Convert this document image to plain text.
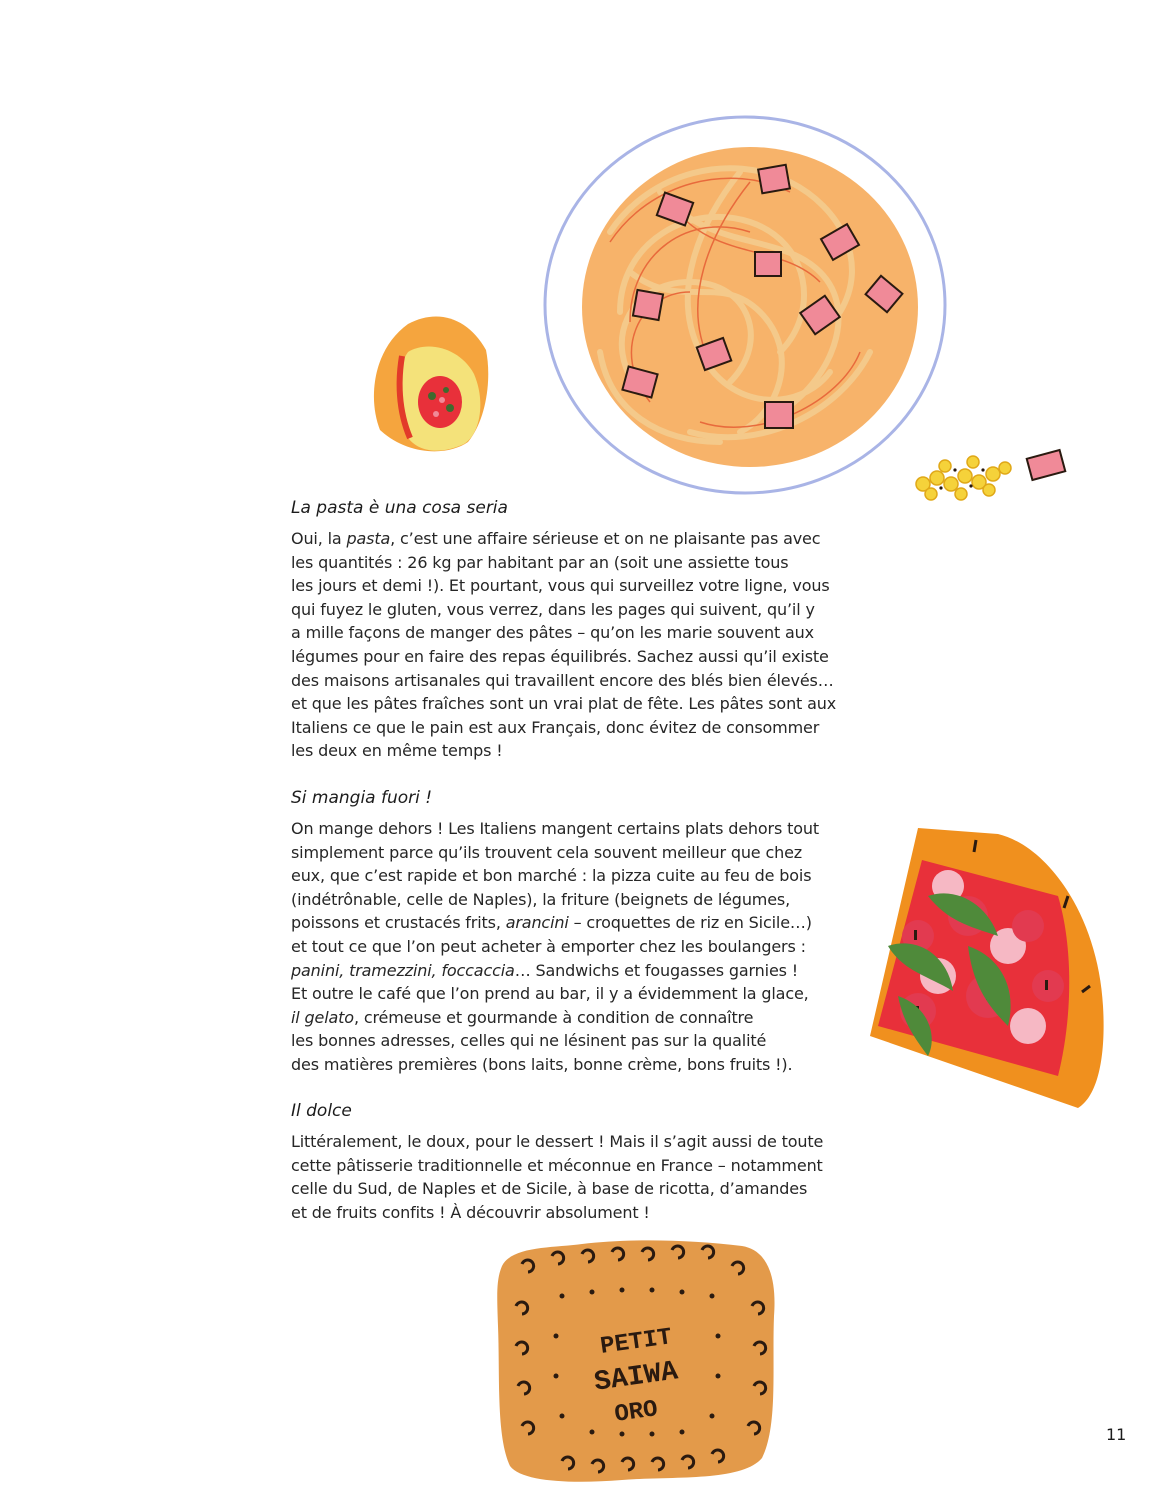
PETIT
SAIWA
ORO
La pasta è una cosa seria
Oui, la pasta, c’est une affaire sérieuse et on ne plaisante pas avec
les quantités : 26 kg par habitant par an (soit une assiette tous
les jours et demi !). Et pourtant, vous qui surveillez votre ligne, vous
qui fuyez le gluten, vous verrez, dans les pages qui suivent, qu’il y
a mille façons de manger des pâtes – qu’on les marie souvent aux
légumes pour en faire des repas équilibrés. Sachez aussi qu’il existe
des maisons artisanales qui travaillent encore des blés bien élevés…
et que les pâtes fraîches sont un vrai plat de fête. Les pâtes sont aux
Italiens ce que le pain est aux Français, donc évitez de consommer
les deux en même temps !
Si mangia fuori !
On mange dehors ! Les Italiens mangent certains plats dehors tout
simplement parce qu’ils trouvent cela souvent meilleur que chez
eux, que c’est rapide et bon marché : la pizza cuite au feu de bois
(indétrônable, celle de Naples), la friture (beignets de légumes,
poissons et crustacés frits, arancini – croquettes de riz en Sicile…)
et tout ce que l’on peut acheter à emporter chez les boulangers :
panini, tramezzini, foccaccia… Sandwichs et fougasses garnies !
Et outre le café que l’on prend au bar, il y a évidemment la glace,
il gelato, crémeuse et gourmande à condition de connaître
les bonnes adresses, celles qui ne lésinent pas sur la qualité
des matières premières (bons laits, bonne crème, bons fruits !).
Il dolce
Littéralement, le doux, pour le dessert ! Mais il s’agit aussi de toute
cette pâtisserie traditionnelle et méconnue en France – notamment
celle du Sud, de Naples et de Sicile, à base de ricotta, d’amandes
et de fruits confits ! À découvrir absolument !
11
